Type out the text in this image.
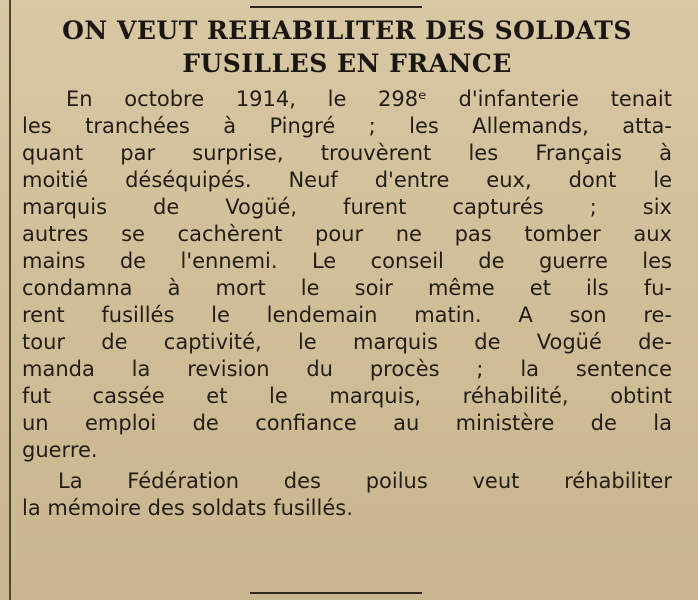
ON VEUT REHABILITER DES SOLDATS
FUSILLES EN FRANCE
En octobre 1914, le 298ᵉ d'infanterie tenait
les tranchées à Pingré ; les Allemands, atta-
quant par surprise, trouvèrent les Français à
moitié déséquipés. Neuf d'entre eux, dont le
marquis de Vogüé, furent capturés ; six
autres se cachèrent pour ne pas tomber aux
mains de l'ennemi. Le conseil de guerre les
condamna à mort le soir même et ils fu-
rent fusillés le lendemain matin. A son re-
tour de captivité, le marquis de Vogüé de-
manda la revision du procès ; la sentence
fut cassée et le marquis, réhabilité, obtint
un emploi de confiance au ministère de la
guerre.
La Fédération des poilus veut réhabiliter
la mémoire des soldats fusillés.
